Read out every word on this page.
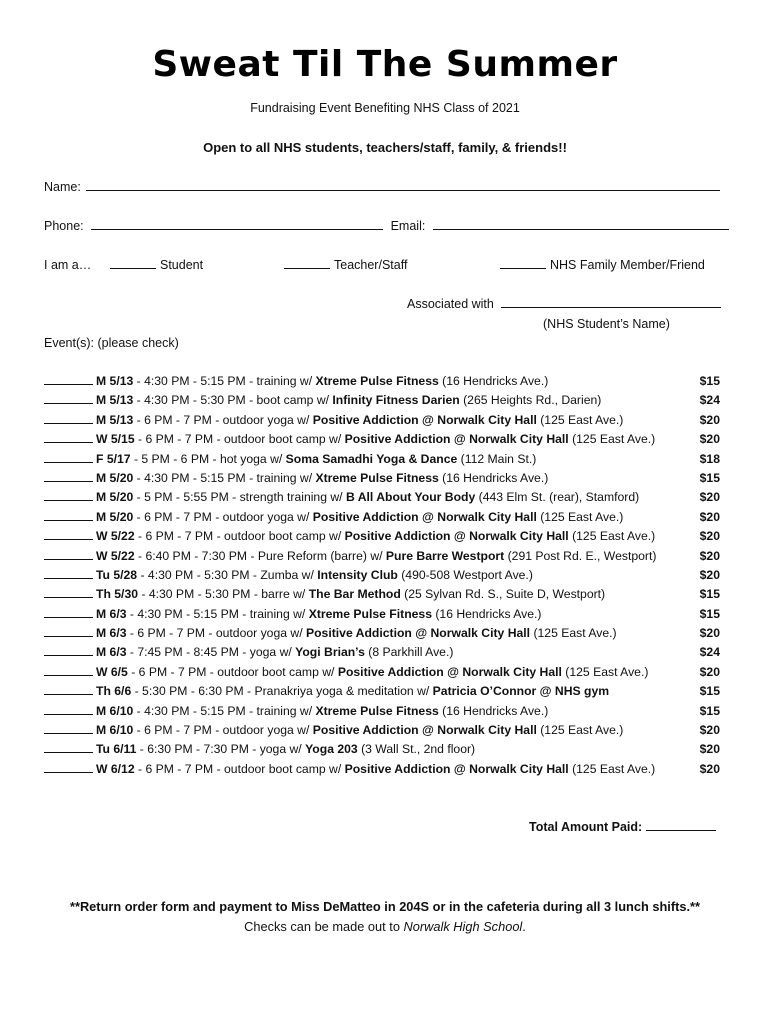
Sweat Til The Summer
Fundraising Event Benefiting NHS Class of 2021
Open to all NHS students, teachers/staff, family, & friends!!
Name:
Phone:	Email:
I am a…	Student	Teacher/Staff	NHS Family Member/Friend
Associated with
(NHS Student’s Name)
Event(s): (please check)
M 5/13 - 4:30 PM - 5:15 PM - training w/ Xtreme Pulse Fitness (16 Hendricks Ave.)	$15
M 5/13 - 4:30 PM - 5:30 PM - boot camp w/ Infinity Fitness Darien (265 Heights Rd., Darien)	$24
M 5/13 - 6 PM - 7 PM - outdoor yoga w/ Positive Addiction @ Norwalk City Hall (125 East Ave.)	$20
W 5/15 - 6 PM - 7 PM - outdoor boot camp w/ Positive Addiction @ Norwalk City Hall (125 East Ave.)	$20
F 5/17 - 5 PM - 6 PM - hot yoga w/ Soma Samadhi Yoga & Dance (112 Main St.)	$18
M 5/20 - 4:30 PM - 5:15 PM - training w/ Xtreme Pulse Fitness (16 Hendricks Ave.)	$15
M 5/20 - 5 PM - 5:55 PM - strength training w/ B All About Your Body (443 Elm St. (rear), Stamford)	$20
M 5/20 - 6 PM - 7 PM - outdoor yoga w/ Positive Addiction @ Norwalk City Hall (125 East Ave.)	$20
W 5/22 - 6 PM - 7 PM - outdoor boot camp w/ Positive Addiction @ Norwalk City Hall (125 East Ave.)	$20
W 5/22 - 6:40 PM - 7:30 PM - Pure Reform (barre) w/ Pure Barre Westport (291 Post Rd. E., Westport)	$20
Tu 5/28 - 4:30 PM - 5:30 PM - Zumba w/ Intensity Club (490-508 Westport Ave.)	$20
Th 5/30 - 4:30 PM - 5:30 PM - barre w/ The Bar Method (25 Sylvan Rd. S., Suite D, Westport)	$15
M 6/3 - 4:30 PM - 5:15 PM - training w/ Xtreme Pulse Fitness (16 Hendricks Ave.)	$15
M 6/3 - 6 PM - 7 PM - outdoor yoga w/ Positive Addiction @ Norwalk City Hall (125 East Ave.)	$20
M 6/3 - 7:45 PM - 8:45 PM - yoga w/ Yogi Brian’s (8 Parkhill Ave.)	$24
W 6/5 - 6 PM - 7 PM - outdoor boot camp w/ Positive Addiction @ Norwalk City Hall (125 East Ave.)	$20
Th 6/6 - 5:30 PM - 6:30 PM - Pranakriya yoga & meditation w/ Patricia O’Connor @ NHS gym	$15
M 6/10 - 4:30 PM - 5:15 PM - training w/ Xtreme Pulse Fitness (16 Hendricks Ave.)	$15
M 6/10 - 6 PM - 7 PM - outdoor yoga w/ Positive Addiction @ Norwalk City Hall (125 East Ave.)	$20
Tu 6/11 - 6:30 PM - 7:30 PM - yoga w/ Yoga 203 (3 Wall St., 2nd floor)	$20
W 6/12 - 6 PM - 7 PM - outdoor boot camp w/ Positive Addiction @ Norwalk City Hall (125 East Ave.)	$20
Total Amount Paid:
**Return order form and payment to Miss DeMatteo in 204S or in the cafeteria during all 3 lunch shifts.**
Checks can be made out to Norwalk High School.
